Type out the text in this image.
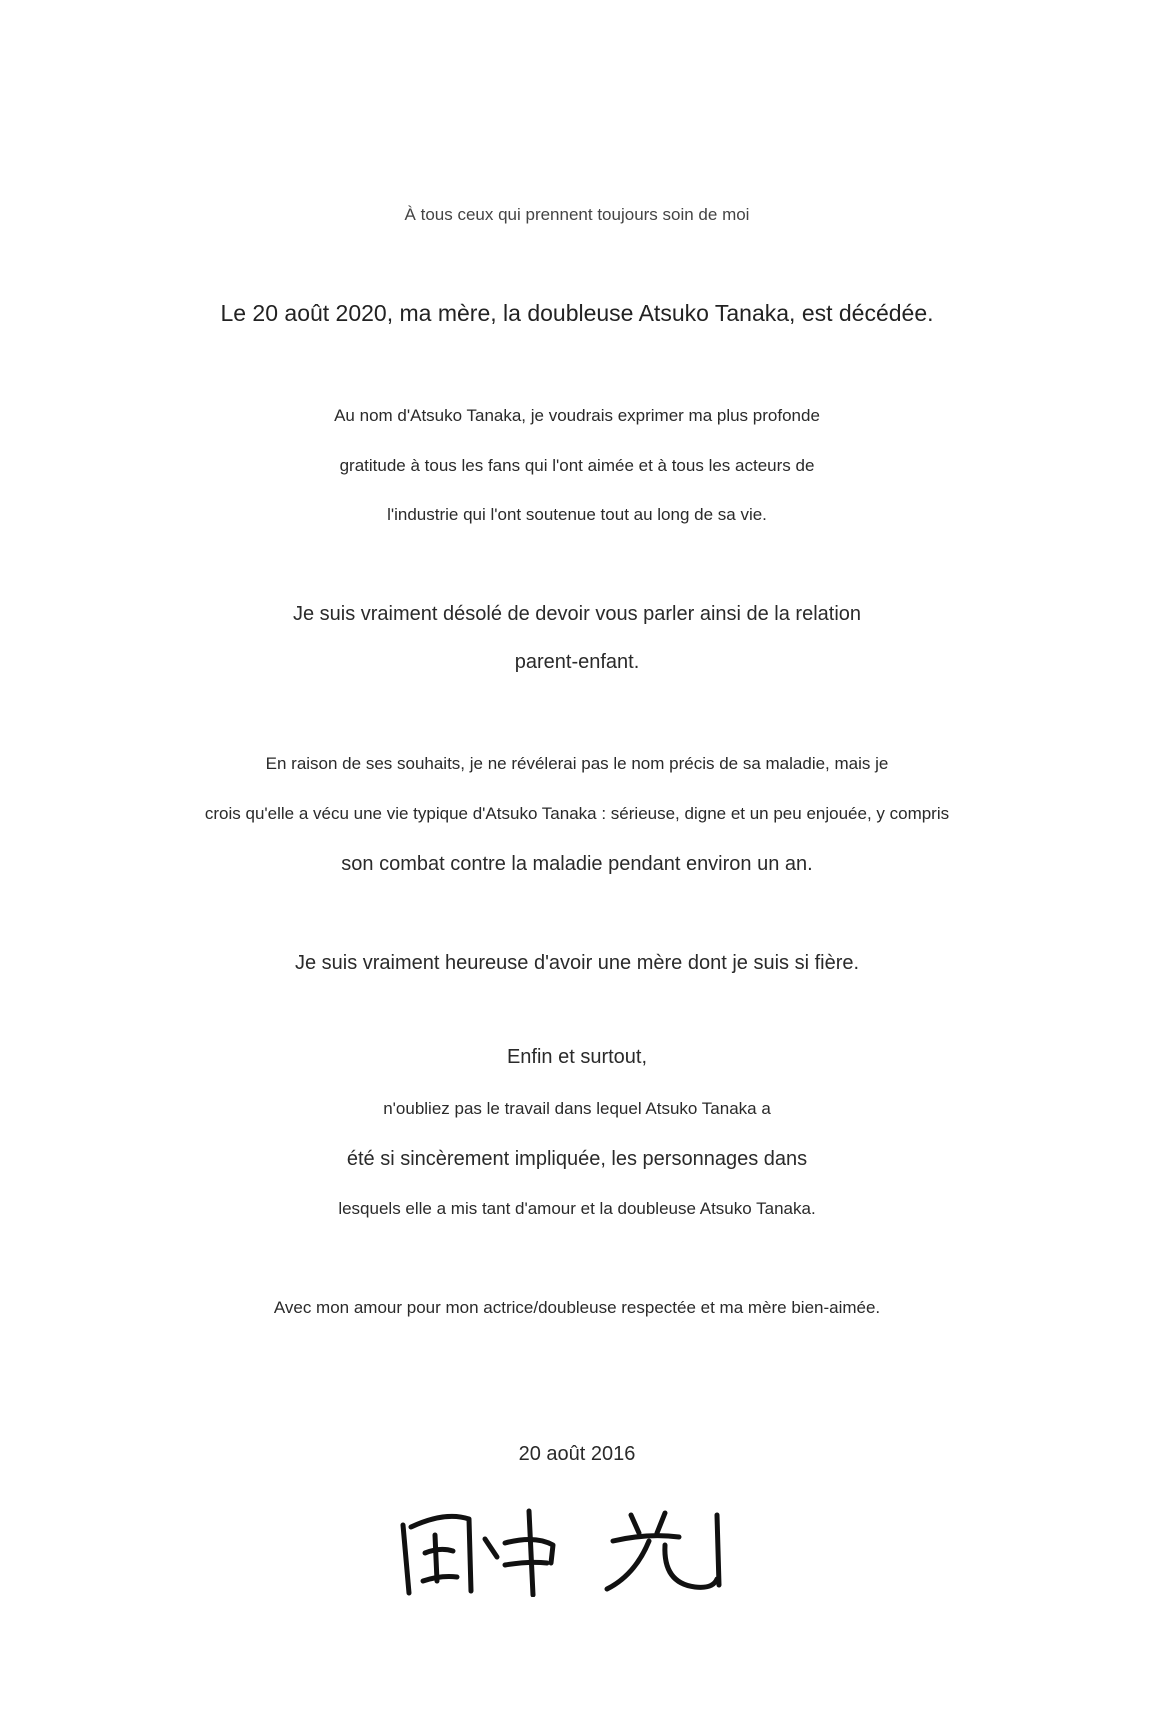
À tous ceux qui prennent toujours soin de moi
Le 20 août 2020, ma mère, la doubleuse Atsuko Tanaka, est décédée.
Au nom d'Atsuko Tanaka, je voudrais exprimer ma plus profonde
gratitude à tous les fans qui l'ont aimée et à tous les acteurs de
l'industrie qui l'ont soutenue tout au long de sa vie.
Je suis vraiment désolé de devoir vous parler ainsi de la relation
parent-enfant.
En raison de ses souhaits, je ne révélerai pas le nom précis de sa maladie, mais je
crois qu'elle a vécu une vie typique d'Atsuko Tanaka : sérieuse, digne et un peu enjouée, y compris
son combat contre la maladie pendant environ un an.
Je suis vraiment heureuse d'avoir une mère dont je suis si fière.
Enfin et surtout,
n'oubliez pas le travail dans lequel Atsuko Tanaka a
été si sincèrement impliquée, les personnages dans
lesquels elle a mis tant d'amour et la doubleuse Atsuko Tanaka.
Avec mon amour pour mon actrice/doubleuse respectée et ma mère bien-aimée.
20 août 2016
